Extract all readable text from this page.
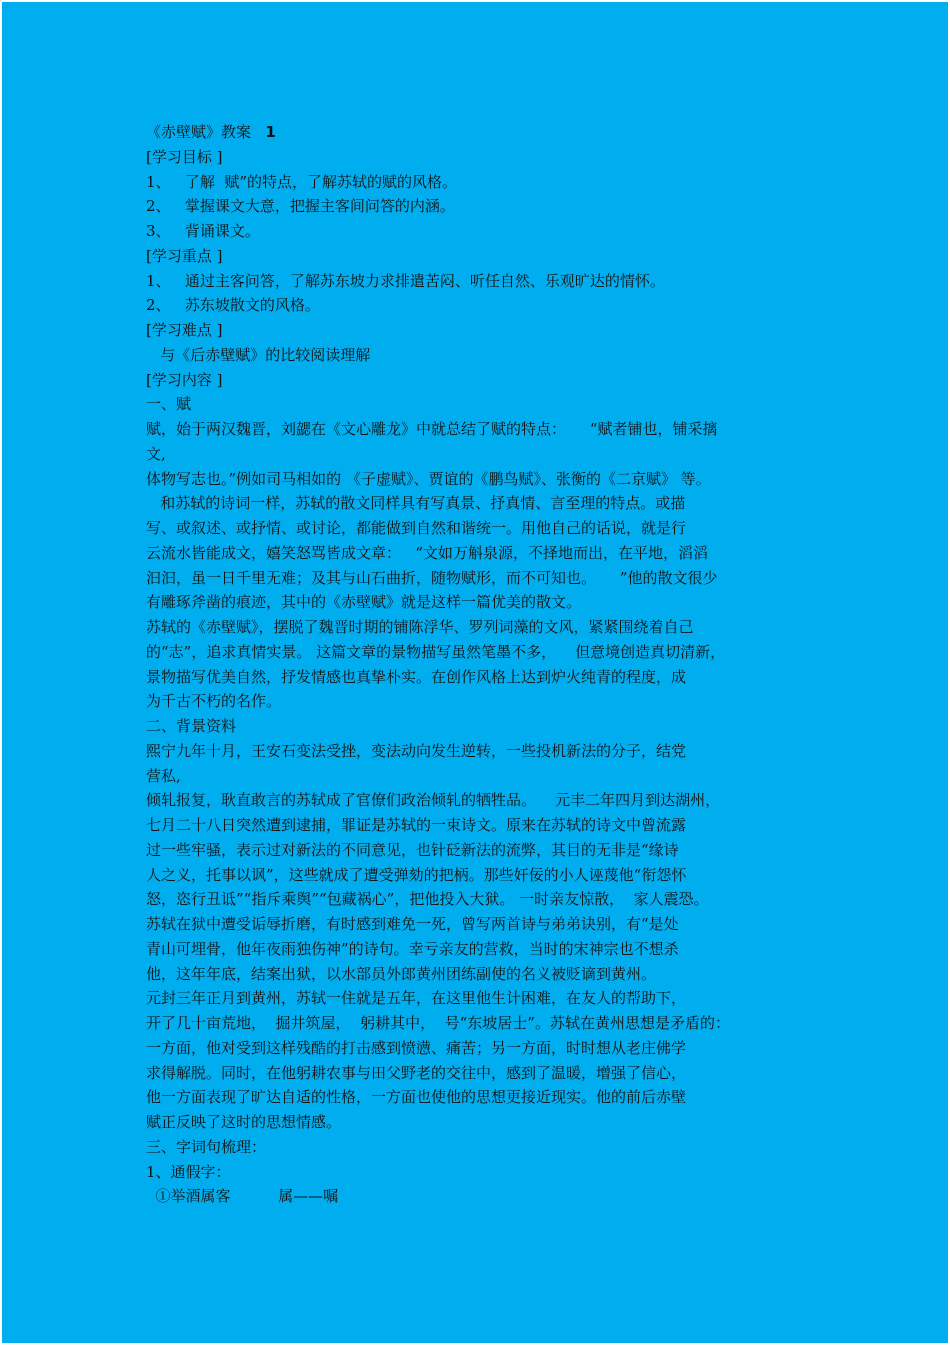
《赤壁赋》教案 1
[学习目标 ]
1、   了解  赋”的特点，了解苏轼的赋的风格。
2、   掌握课文大意，把握主客间问答的内涵。
3、   背诵课文。
[学习重点 ]
1、   通过主客问答，了解苏东坡力求排遣苦闷、听任自然、乐观旷达的情怀。
2、   苏东坡散文的风格。
[学习难点 ]
与《后赤壁赋》的比较阅读理解
[学习内容 ]
一、赋
赋，始于两汉魏晋，刘勰在《文心雕龙》中就总结了赋的特点：     “赋者铺也，铺采摛
文,
体物写志也。”例如司马相如的 《子虚赋》、贾谊的《鹏鸟赋》、张衡的《二京赋》 等。
和苏轼的诗词一样，苏轼的散文同样具有写真景、抒真情、言至理的特点。或描
写、或叙述、或抒情、或讨论，都能做到自然和谐统一。用他自己的话说，就是行
云流水皆能成文，嬉笑怒骂皆成文章：   “文如万斛泉源，不择地而出，在平地，滔滔
汩汩，虽一日千里无难；及其与山石曲折，随物赋形，而不可知也。     ”他的散文很少
有雕琢斧凿的痕迹，其中的《赤壁赋》就是这样一篇优美的散文。
苏轼的《赤壁赋》，摆脱了魏晋时期的铺陈浮华、罗列词藻的文风，紧紧围绕着自己
的“志”，追求真情实景。 这篇文章的景物描写虽然笔墨不多，    但意境创造真切清新，
景物描写优美自然，抒发情感也真挚朴实。在创作风格上达到炉火纯青的程度，成
为千古不朽的名作。
二、背景资料
熙宁九年十月，王安石变法受挫，变法动向发生逆转，一些投机新法的分子，结党
营私,
倾轧报复，耿直敢言的苏轼成了官僚们政治倾轧的牺牲品。    元丰二年四月到达湖州，
七月二十八日突然遭到逮捕，罪证是苏轼的一束诗文。原来在苏轼的诗文中曾流露
过一些牢骚，表示过对新法的不同意见，也针砭新法的流弊，其目的无非是“缘诗
人之义，托事以讽”，这些就成了遭受弹劾的把柄。那些奸佞的小人诬蔑他“衔怨怀
怒，恣行丑诋”“指斥乘舆”“包藏祸心”，把他投入大狱。 一时亲友惊散，  家人震恐。
苏轼在狱中遭受诟辱折磨，有时感到难免一死，曾写两首诗与弟弟诀别，有“是处
青山可埋骨，他年夜雨独伤神”的诗句。幸亏亲友的营救，当时的宋神宗也不想杀
他，这年年底，结案出狱，以水部员外郎黄州团练副使的名义被贬谪到黄州。
元封三年正月到黄州，苏轼一住就是五年，在这里他生计困难，在友人的帮助下，
开了几十亩荒地，  掘井筑屋，  躬耕其中，  号“东坡居士”。苏轼在黄州思想是矛盾的：
一方面，他对受到这样残酷的打击感到愤懑、痛苦；另一方面，时时想从老庄佛学
求得解脱。同时，在他躬耕农事与田父野老的交往中，感到了温暖，增强了信心，
他一方面表现了旷达自适的性格，一方面也使他的思想更接近现实。他的前后赤壁
赋正反映了这时的思想情感。
三、字词句梳理：
1、通假字：
①举酒属客          属——嘱
